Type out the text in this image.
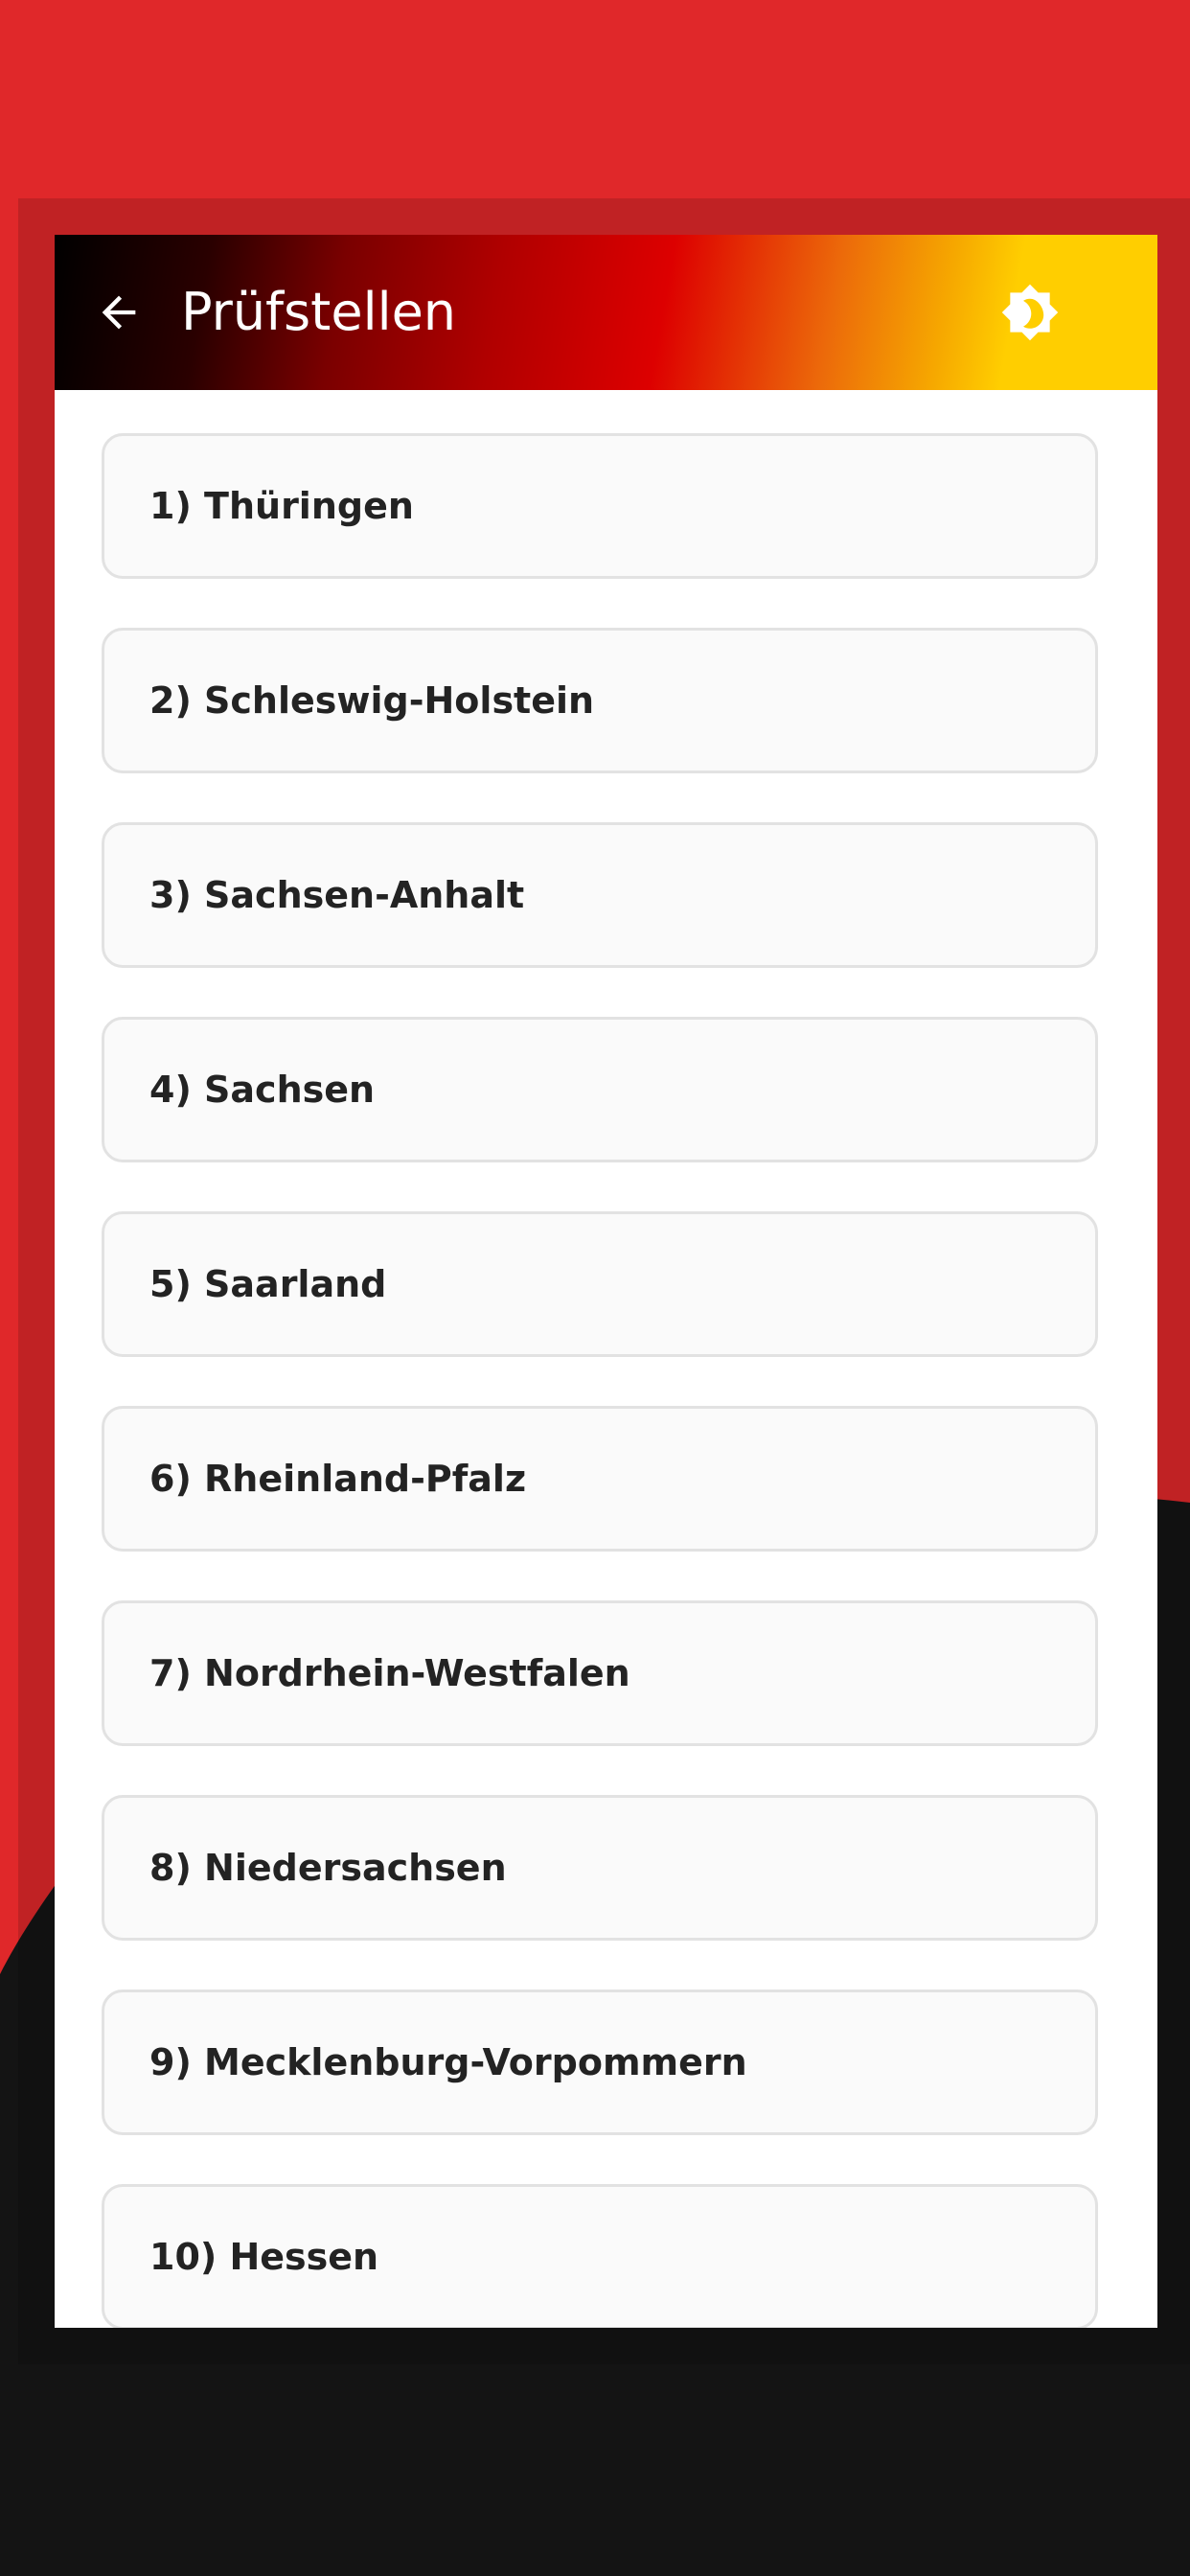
Prüfstellen
1) Thüringen
2) Schleswig-Holstein
3) Sachsen-Anhalt
4) Sachsen
5) Saarland
6) Rheinland-Pfalz
7) Nordrhein-Westfalen
8) Niedersachsen
9) Mecklenburg-Vorpommern
10) Hessen
